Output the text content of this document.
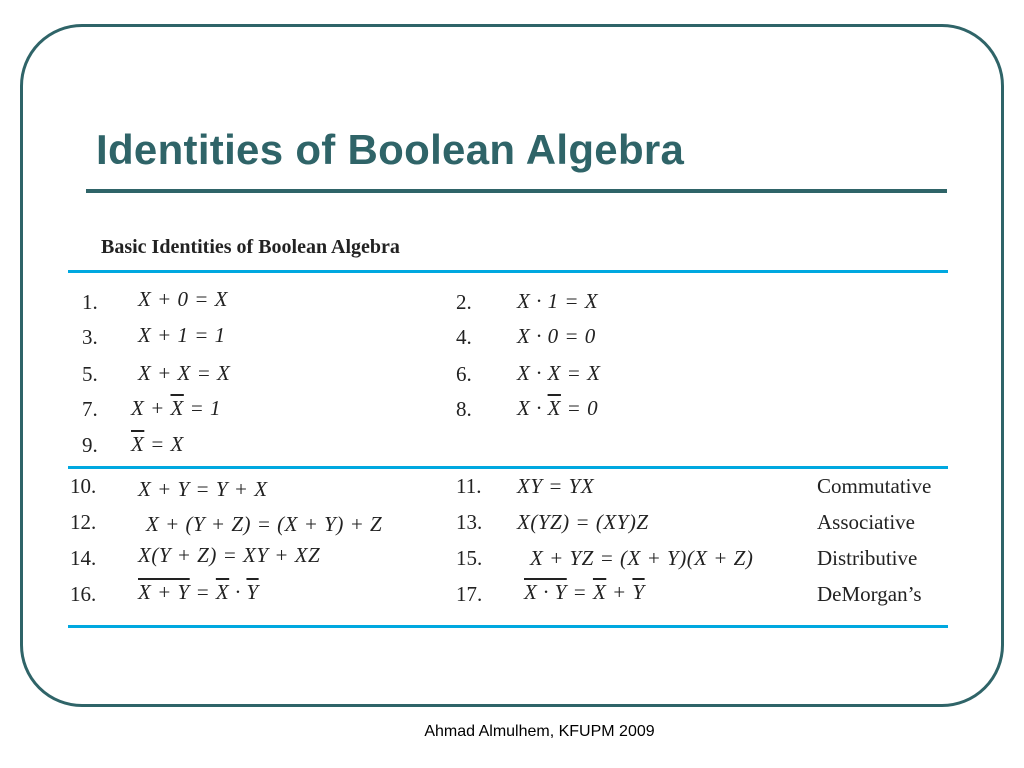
Identities of Boolean Algebra
Basic Identities of Boolean Algebra
1. X + 0 = X	2. X · 1 = X
3. X + 1 = 1	4. X · 0 = 0
5. X + X = X	6. X · X = X
7. $X + \overline{X} = 1$	8. $X \cdot \overline{X} = 0$
9. $\overline{X} = X$
10. X + Y = Y + X	11. XY = YX	Commutative
12. X + (Y + Z) = (X + Y) + Z	13. X(YZ) = (XY)Z	Associative
14. X(Y + Z) = XY + XZ	15. X + YZ = (X + Y)(X + Z)	Distributive
16. $X + Y = \overline{X} \cdot \overline{Y}$	17. $X \cdot Y = \overline{X} + \overline{Y}$	DeMorgan’s
Ahmad Almulhem, KFUPM 2009
